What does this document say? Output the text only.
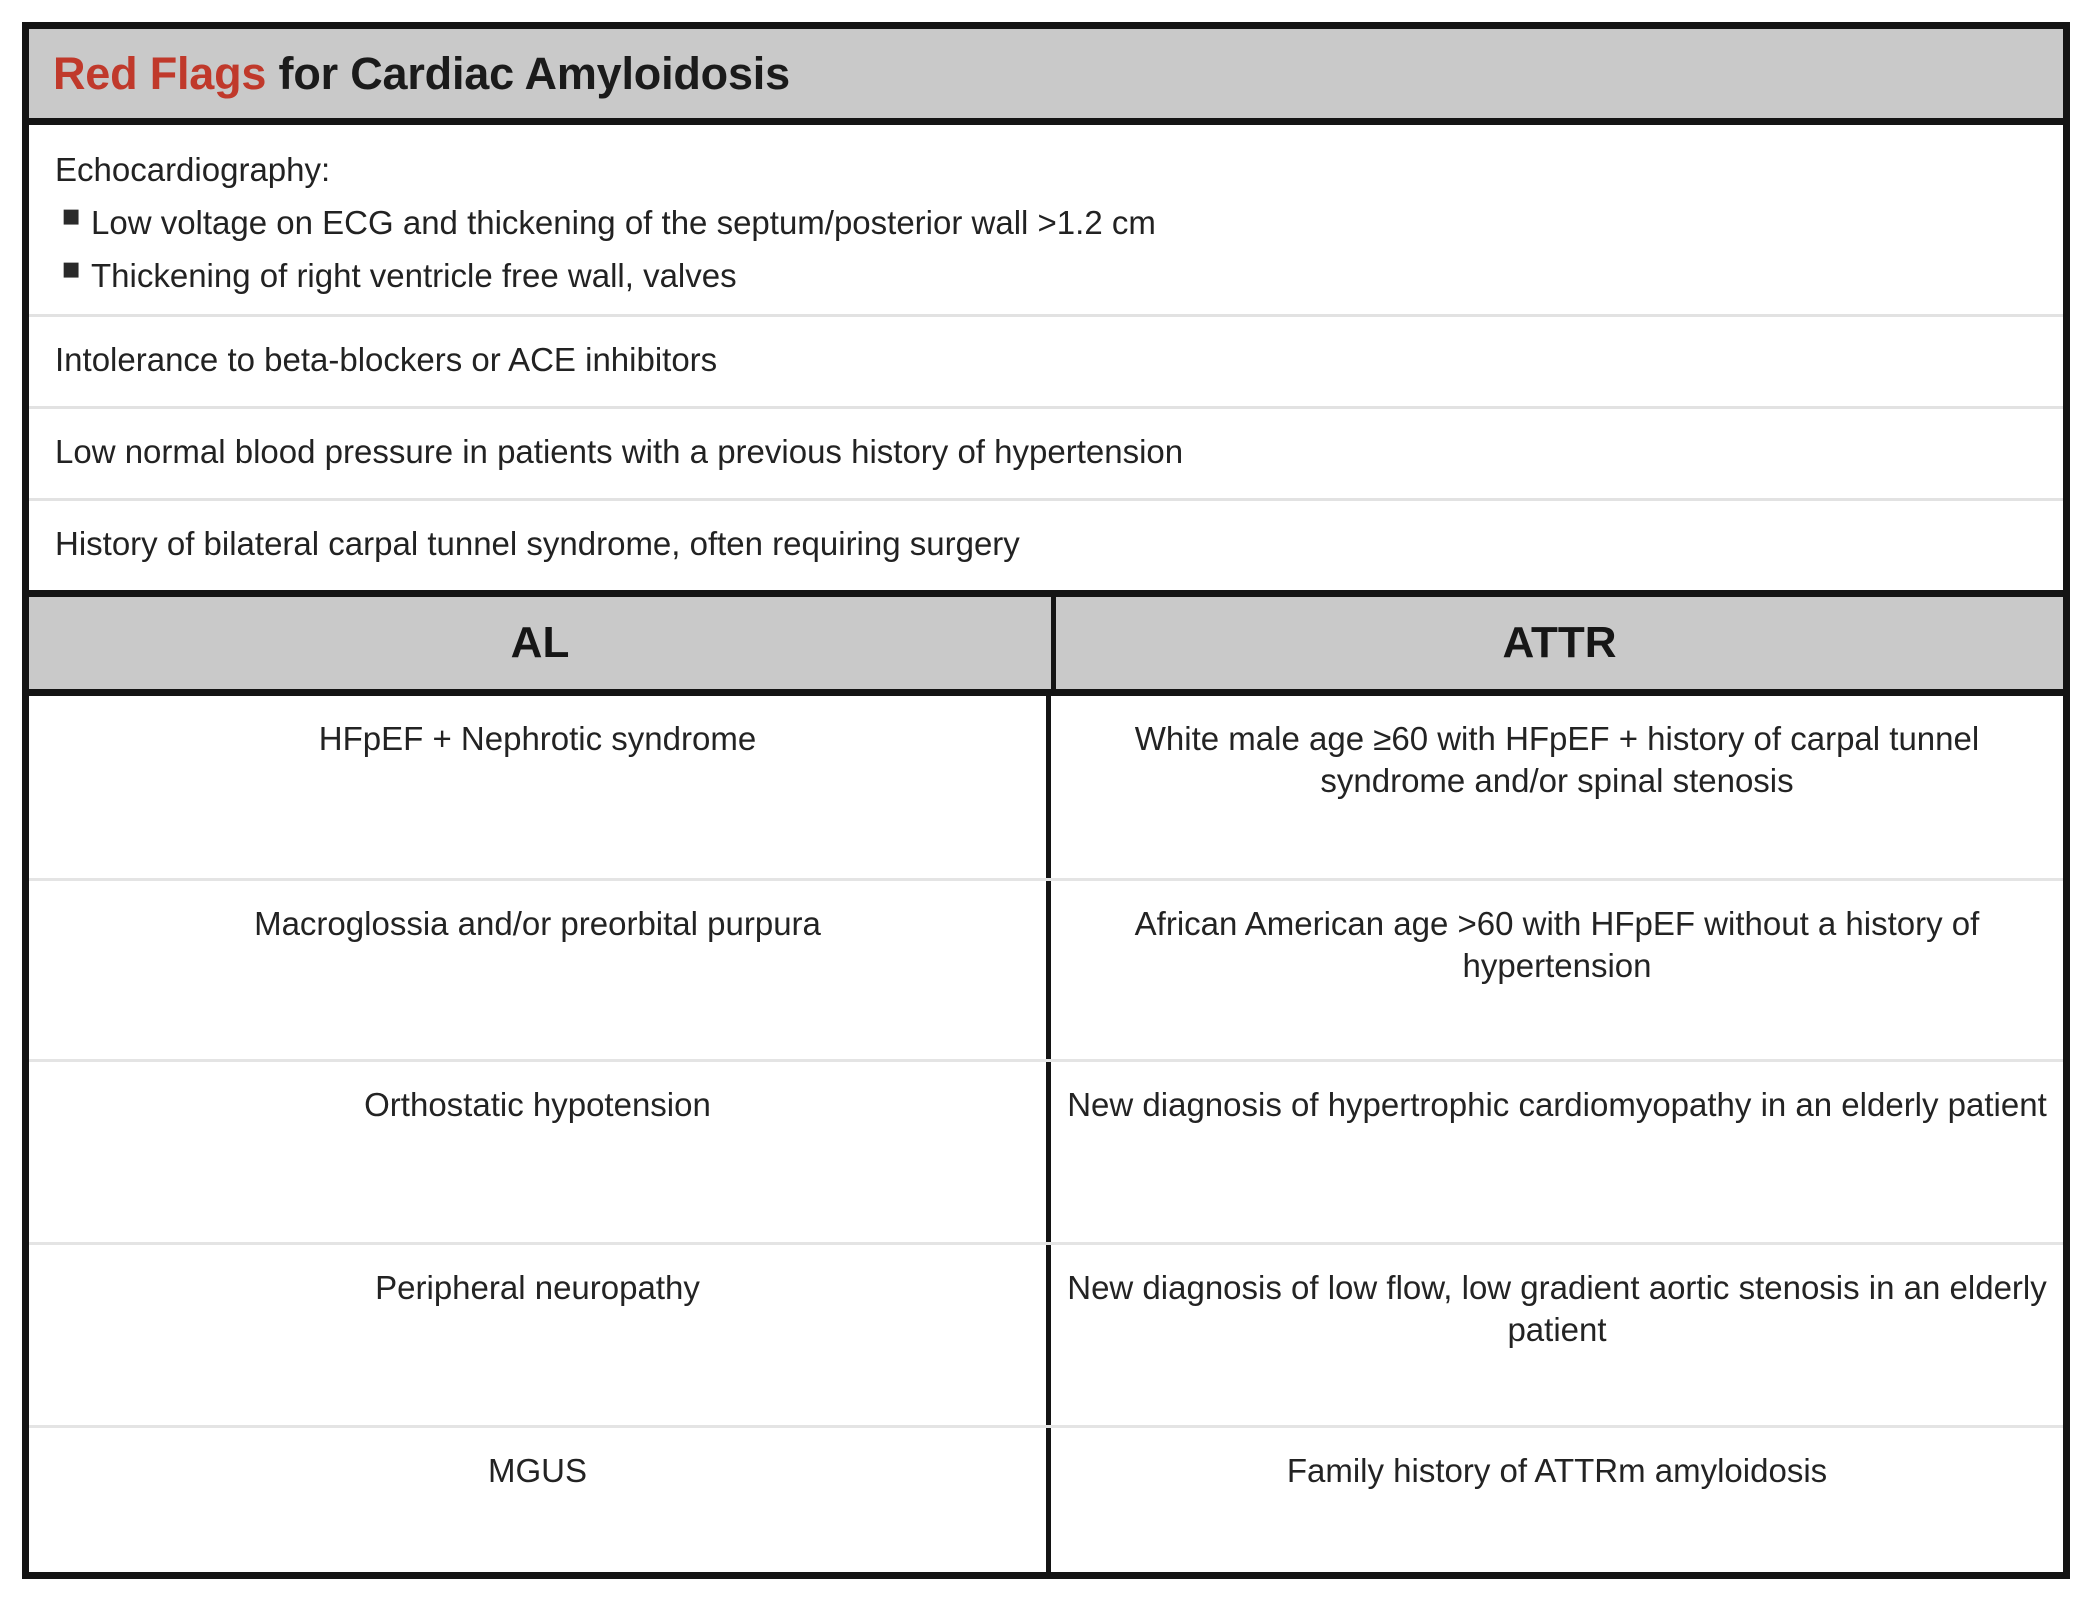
Red Flags for Cardiac Amyloidosis
Echocardiography:
▪ Low voltage on ECG and thickening of the septum/posterior wall >1.2 cm
▪ Thickening of right ventricle free wall, valves
Intolerance to beta-blockers or ACE inhibitors
Low normal blood pressure in patients with a previous history of hypertension
History of bilateral carpal tunnel syndrome, often requiring surgery
AL	ATTR
HFpEF + Nephrotic syndrome	White male age ≥60 with HFpEF + history of carpal tunnel syndrome and/or spinal stenosis
Macroglossia and/or preorbital purpura	African American age >60 with HFpEF without a history of hypertension
Orthostatic hypotension	New diagnosis of hypertrophic cardiomyopathy in an elderly patient
Peripheral neuropathy	New diagnosis of low flow, low gradient aortic stenosis in an elderly patient
MGUS	Family history of ATTRm amyloidosis
